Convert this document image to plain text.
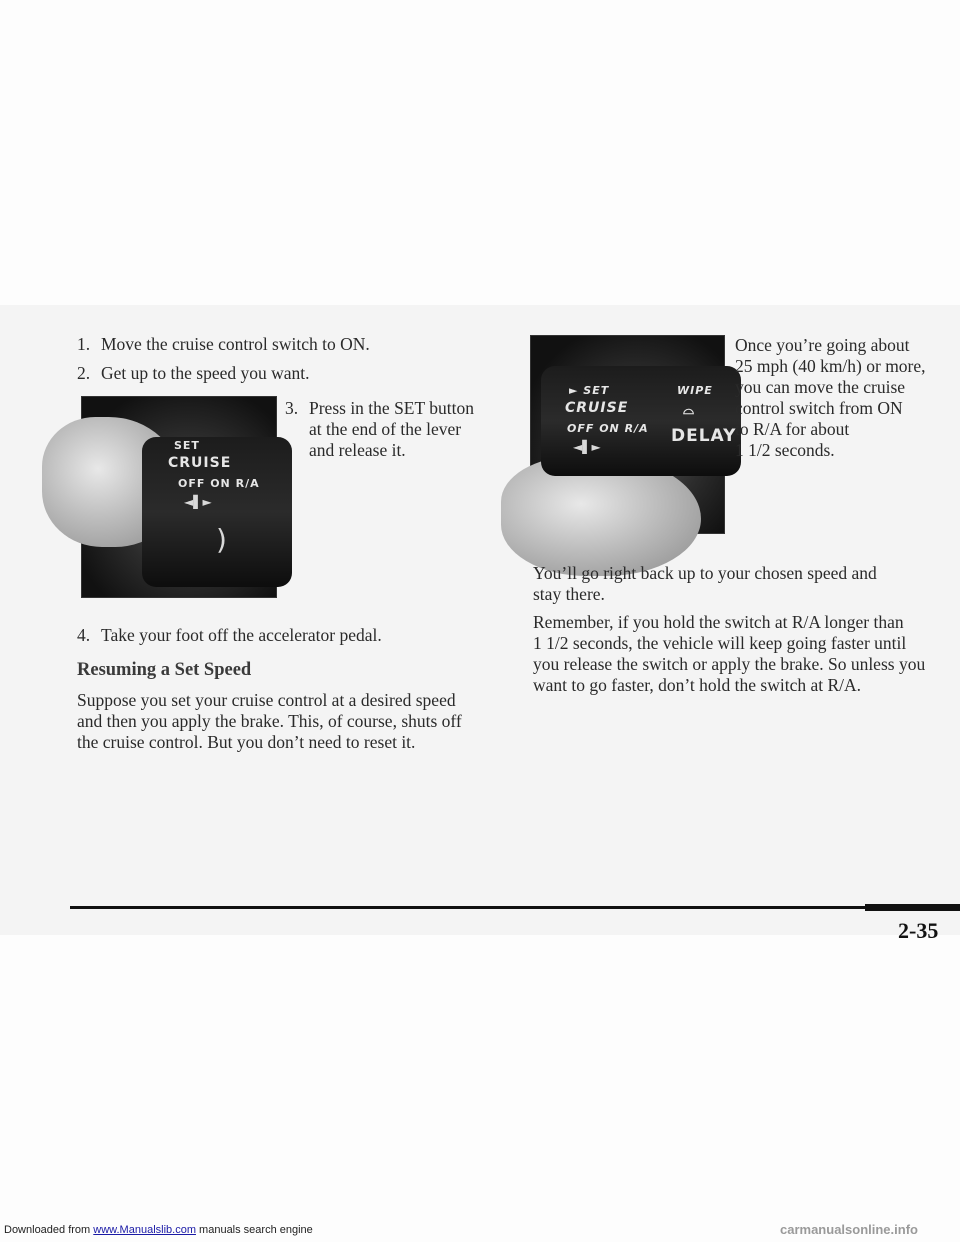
1. Move the cruise control switch to ON.
2. Get up to the speed you want.
SET
CRUISE
OFF ON R/A
◄▌►
)
3. Press in the SET button
at the end of the lever
and release it.
4. Take your foot off the accelerator pedal.
Resuming a Set Speed
Suppose you set your cruise control at a desired speed
and then you apply the brake. This, of course, shuts off
the cruise control. But you don’t need to reset it.
► SET	WIPE
CRUISE	⌓
OFF ON R/A
◄▌►
DELAY
Once you’re going about
25 mph (40 km/h) or more,
you can move the cruise
control switch from ON
to R/A for about
1 1/2 seconds.
You’ll go right back up to your chosen speed and
stay there.
Remember, if you hold the switch at R/A longer than
1 1/2 seconds, the vehicle will keep going faster until
you release the switch or apply the brake. So unless you
want to go faster, don’t hold the switch at R/A.
2-35
Downloaded from www.Manualslib.com manuals search engine	carmanualsonline.info
